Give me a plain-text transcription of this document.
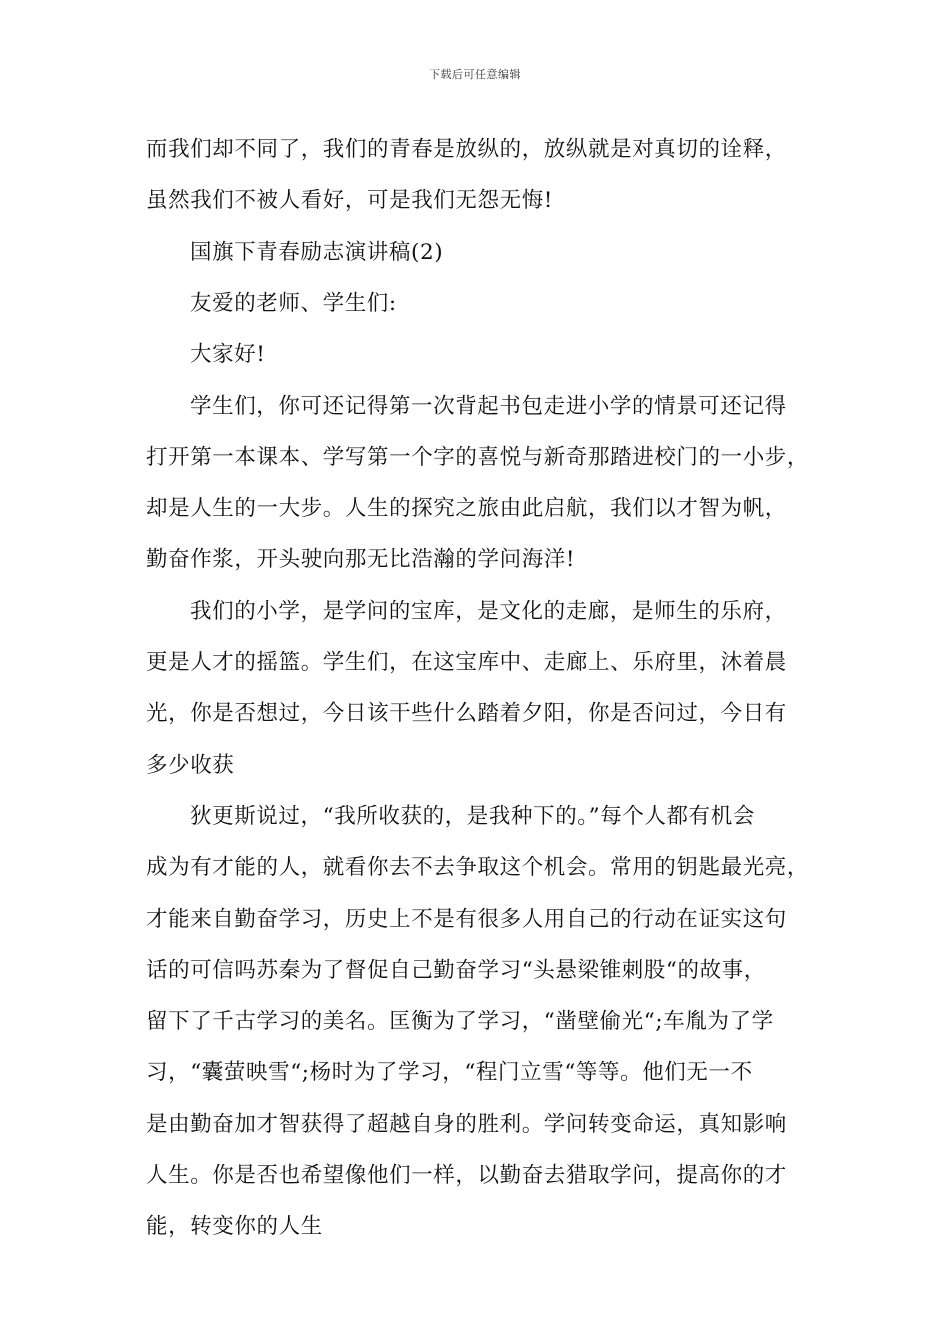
下载后可任意编辑
而我们却不同了，我们的青春是放纵的，放纵就是对真切的诠释，
虽然我们不被人看好，可是我们无怨无悔!
国旗下青春励志演讲稿(2)
友爱的老师、学生们:
大家好!
学生们，你可还记得第一次背起书包走进小学的情景可还记得
打开第一本课本、学写第一个字的喜悦与新奇那踏进校门的一小步，
却是人生的一大步。人生的探究之旅由此启航，我们以才智为帆，
勤奋作浆，开头驶向那无比浩瀚的学问海洋!
我们的小学，是学问的宝库，是文化的走廊，是师生的乐府，
更是人才的摇篮。学生们，在这宝库中、走廊上、乐府里，沐着晨
光，你是否想过，今日该干些什么踏着夕阳，你是否问过，今日有
多少收获
狄更斯说过，“我所收获的，是我种下的。”每个人都有机会
成为有才能的人，就看你去不去争取这个机会。常用的钥匙最光亮，
才能来自勤奋学习，历史上不是有很多人用自己的行动在证实这句
话的可信吗苏秦为了督促自己勤奋学习“头悬梁锥刺股“的故事，
留下了千古学习的美名。匡衡为了学习，“凿壁偷光“;车胤为了学
习，“囊萤映雪“;杨时为了学习，“程门立雪“等等。他们无一不
是由勤奋加才智获得了超越自身的胜利。学问转变命运，真知影响
人生。你是否也希望像他们一样，以勤奋去猎取学问，提高你的才
能，转变你的人生
